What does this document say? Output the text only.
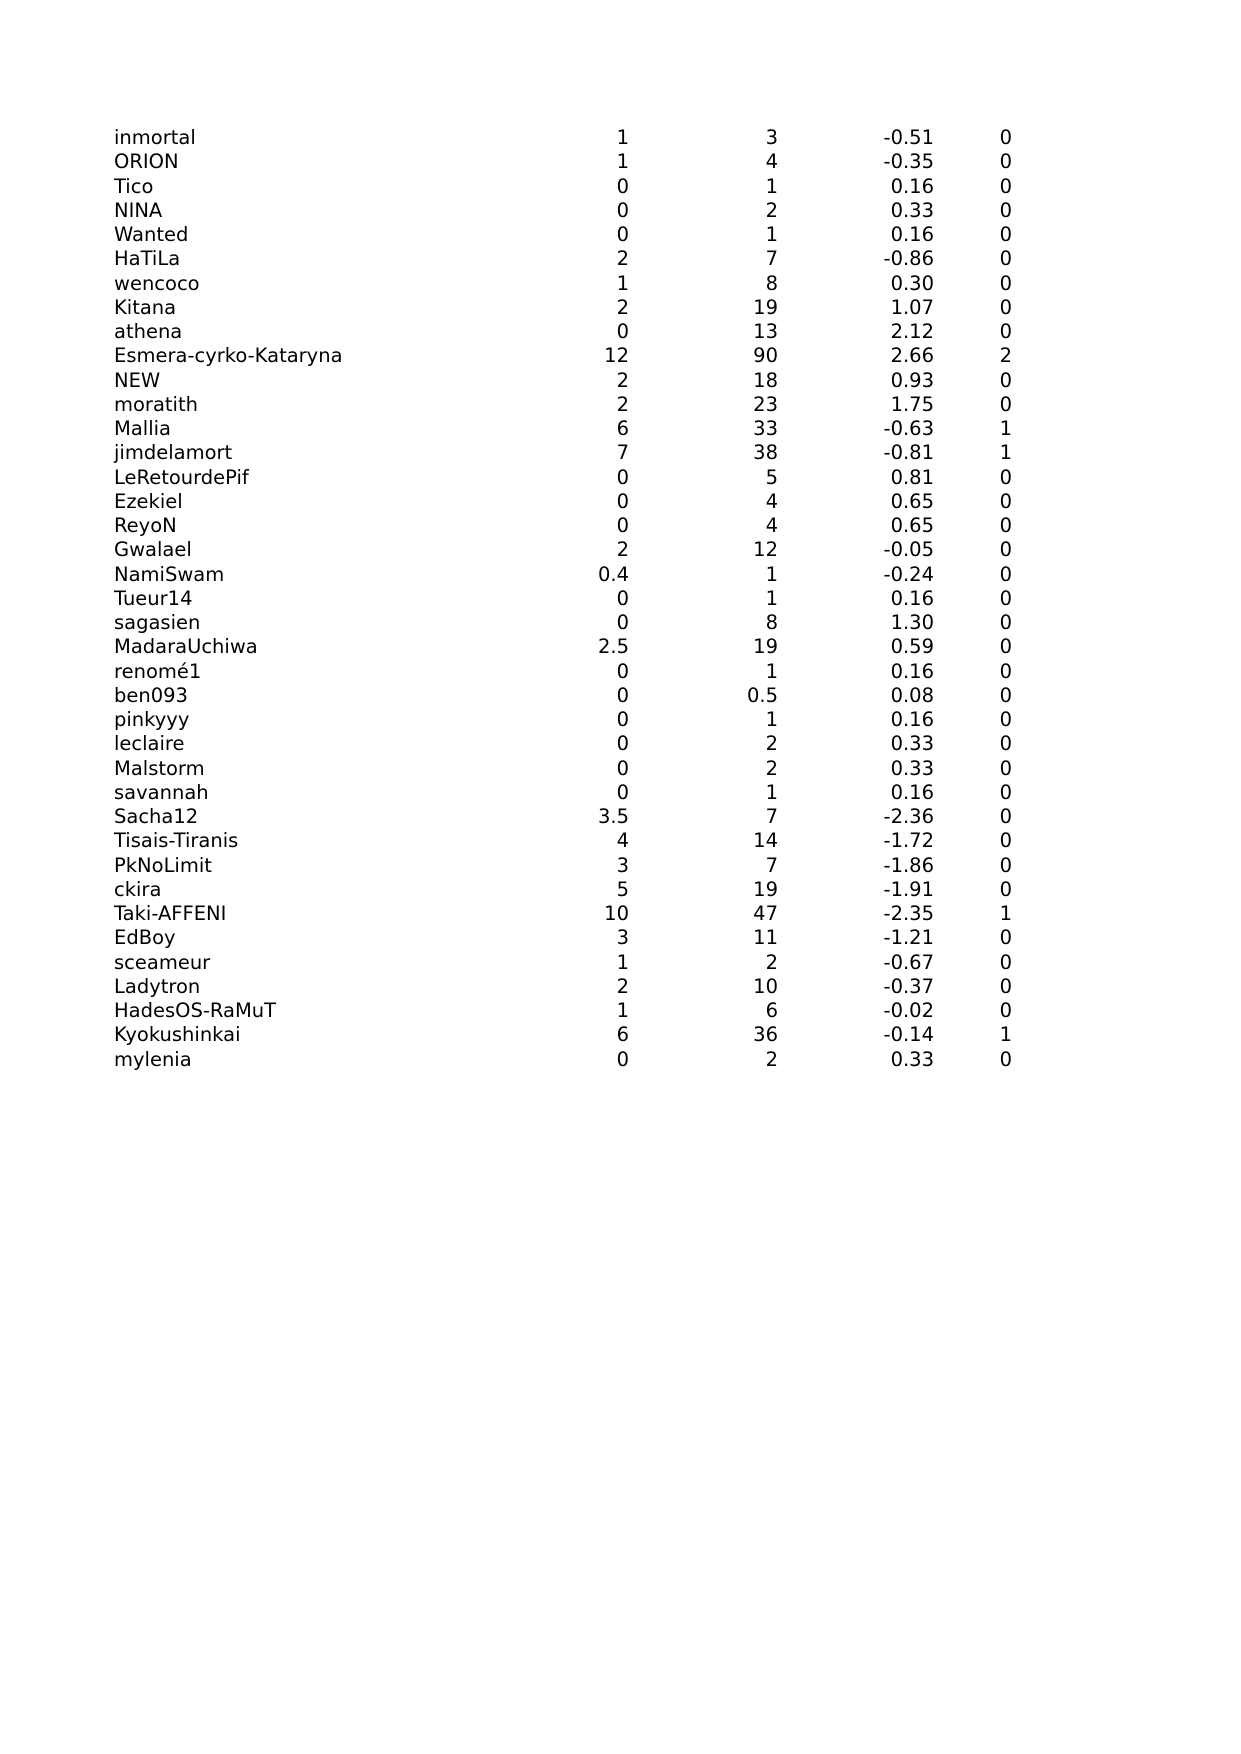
inmortal	1	3	-0.51	0
ORION	1	4	-0.35	0
Tico	0	1	0.16	0
NINA	0	2	0.33	0
Wanted	0	1	0.16	0
HaTiLa	2	7	-0.86	0
wencoco	1	8	0.30	0
Kitana	2	19	1.07	0
athena	0	13	2.12	0
Esmera-cyrko-Kataryna	12	90	2.66	2
NEW	2	18	0.93	0
moratith	2	23	1.75	0
Mallia	6	33	-0.63	1
jimdelamort	7	38	-0.81	1
LeRetourdePif	0	5	0.81	0
Ezekiel	0	4	0.65	0
ReyoN	0	4	0.65	0
Gwalael	2	12	-0.05	0
NamiSwam	0.4	1	-0.24	0
Tueur14	0	1	0.16	0
sagasien	0	8	1.30	0
MadaraUchiwa	2.5	19	0.59	0
renomé1	0	1	0.16	0
ben093	0	0.5	0.08	0
pinkyyy	0	1	0.16	0
leclaire	0	2	0.33	0
Malstorm	0	2	0.33	0
savannah	0	1	0.16	0
Sacha12	3.5	7	-2.36	0
Tisais-Tiranis	4	14	-1.72	0
PkNoLimit	3	7	-1.86	0
ckira	5	19	-1.91	0
Taki-AFFENI	10	47	-2.35	1
EdBoy	3	11	-1.21	0
sceameur	1	2	-0.67	0
Ladytron	2	10	-0.37	0
HadesOS-RaMuT	1	6	-0.02	0
Kyokushinkai	6	36	-0.14	1
mylenia	0	2	0.33	0
